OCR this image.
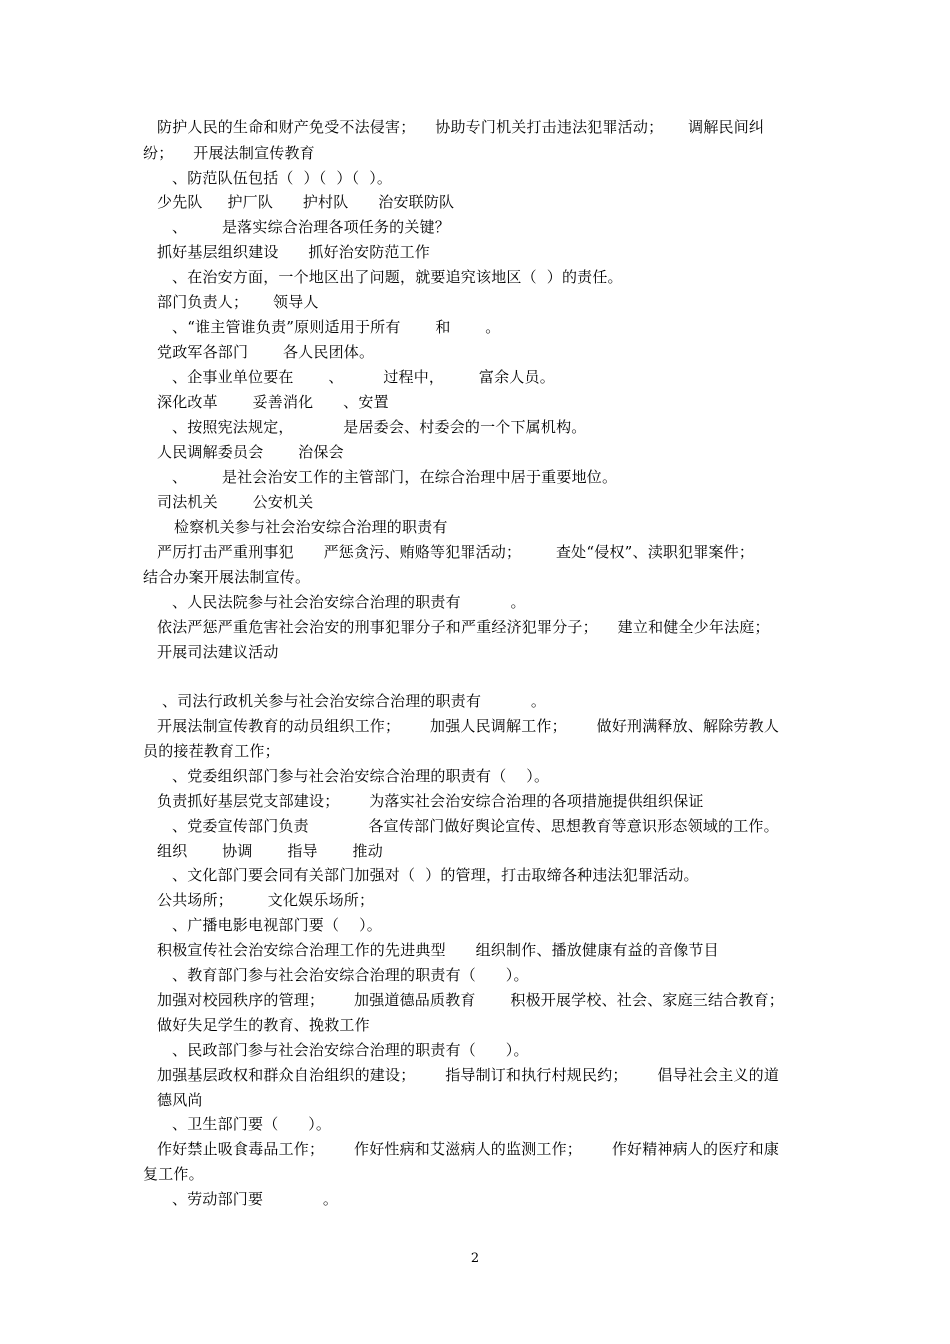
防护人民的生命和财产免受不法侵害；    协助专门机关打击违法犯罪活动；     调解民间纠
纷；    开展法制宣传教育
、防范队伍包括（  ）（  ）（  ）。
少先队     护厂队      护村队      治安联防队
、       是落实综合治理各项任务的关键？
抓好基层组织建设      抓好治安防范工作
、在治安方面，一个地区出了问题，就要追究该地区（  ）的责任。
部门负责人；     领导人
、“谁主管谁负责”原则适用于所有       和       。
党政军各部门       各人民团体。
、企事业单位要在       、        过程中，       富余人员。
深化改革       妥善消化      、安置
、按照宪法规定，          是居委会、村委会的一个下属机构。
人民调解委员会       治保会
、       是社会治安工作的主管部门，在综合治理中居于重要地位。
司法机关       公安机关
检察机关参与社会治安综合治理的职责有
严厉打击严重刑事犯      严惩贪污、贿赂等犯罪活动；       查处“侵权”、渎职犯罪案件；
结合办案开展法制宣传。
、人民法院参与社会治安综合治理的职责有          。
依法严惩严重危害社会治安的刑事犯罪分子和严重经济犯罪分子；    建立和健全少年法庭；
开展司法建议活动
、司法行政机关参与社会治安综合治理的职责有          。
开展法制宣传教育的动员组织工作；      加强人民调解工作；      做好刑满释放、解除劳教人
员的接茬教育工作；
、党委组织部门参与社会治安综合治理的职责有（    ）。
负责抓好基层党支部建设；      为落实社会治安综合治理的各项措施提供组织保证
、党委宣传部门负责            各宣传部门做好舆论宣传、思想教育等意识形态领域的工作。
组织       协调       指导       推动
、文化部门要会同有关部门加强对（  ）的管理，打击取缔各种违法犯罪活动。
公共场所；       文化娱乐场所；
、广播电影电视部门要（    ）。
积极宣传社会治安综合治理工作的先进典型      组织制作、播放健康有益的音像节目
、教育部门参与社会治安综合治理的职责有（      ）。
加强对校园秩序的管理；      加强道德品质教育       积极开展学校、社会、家庭三结合教育；
做好失足学生的教育、挽救工作
、民政部门参与社会治安综合治理的职责有（      ）。
加强基层政权和群众自治组织的建设；      指导制订和执行村规民约；      倡导社会主义的道
德风尚
、卫生部门要（      ）。
作好禁止吸食毒品工作；      作好性病和艾滋病人的监测工作；      作好精神病人的医疗和康
复工作。
、劳动部门要            。
2
